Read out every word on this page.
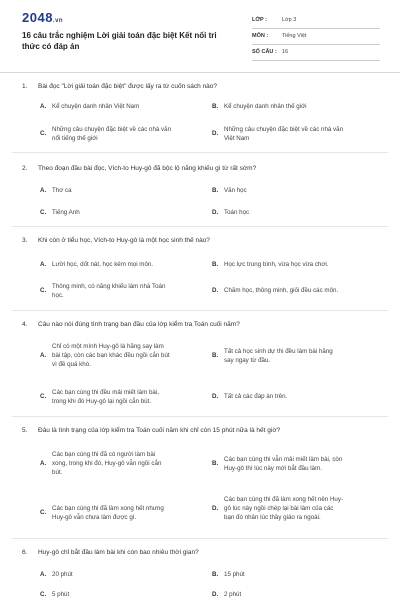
2048.vn
16 câu trắc nghiệm Lời giải toán đặc biệt Kết nối tri thức có đáp án
LỚP :	Lớp 3
MÔN :	Tiếng Việt
SỐ CÂU : 16
1. Bài đọc "Lời giải toán đặc biệt" được lấy ra từ cuốn sách nào?
A. Kể chuyện danh nhân Việt Nam	B. Kể chuyện danh nhân thế giới
C.
Những câu chuyện đặc biệt về các nhà văn
nổi tiếng thế giới
D.
Những câu chuyện đặc biệt về các nhà văn
Việt Nam
2. Theo đoạn đầu bài đọc, Vích-to Huy-gô đã bộc lộ năng khiếu gì từ rất sớm?
A. Thơ ca	B. Văn học
C. Tiếng Anh	D. Toán học
3. Khi còn ở tiểu học, Vích-to Huy-gô là một học sinh thế nào?
A. Lười học, dốt nát, học kém mọi môn.	B. Học lực trung bình, vừa học vừa chơi.
C.
Thông minh, có năng khiếu làm nhà Toán
học.
D. Chăm học, thông minh, giỏi đều các môn.
4. Câu nào nói đúng tình trạng ban đầu của lớp kiểm tra Toán cuối năm?
A.
Chỉ có một mình Huy-gô là hăng say làm
bài tập, còn các bạn khác đều ngồi cắn bút
vì đề quá khó.
B.
Tất cả học sinh dự thi đều làm bài hăng
say ngay từ đầu.
C.
Các bạn cùng thi đều mải miết làm bài,
trong khi đó Huy-gô lại ngồi cắn bút.
D. Tất cả các đáp án trên.
5. Đâu là tình trạng của lớp kiểm tra Toán cuối năm khi chỉ còn 15 phút nữa là hết giờ?
A.
Các bạn cùng thi đã có người làm bài
xong, trong khi đó, Huy-gô vẫn ngồi cắn
bút.
B.
Các bạn cùng thi vẫn mải miết làm bài, còn
Huy-gô thì lúc này mới bắt đầu làm.
C.
Các bạn cùng thi đã làm xong hết nhưng
Huy-gô vẫn chưa làm được gì.
D.
Các bạn cùng thi đã làm xong hết nên Huy-
gô lúc này ngồi chép lại bài làm của các
bạn đó nhân lúc thầy giáo ra ngoài.
6. Huy-gô chỉ bắt đầu làm bài khi còn bao nhiêu thời gian?
A. 20 phút	B. 15 phút
C. 5 phút	D. 2 phút
